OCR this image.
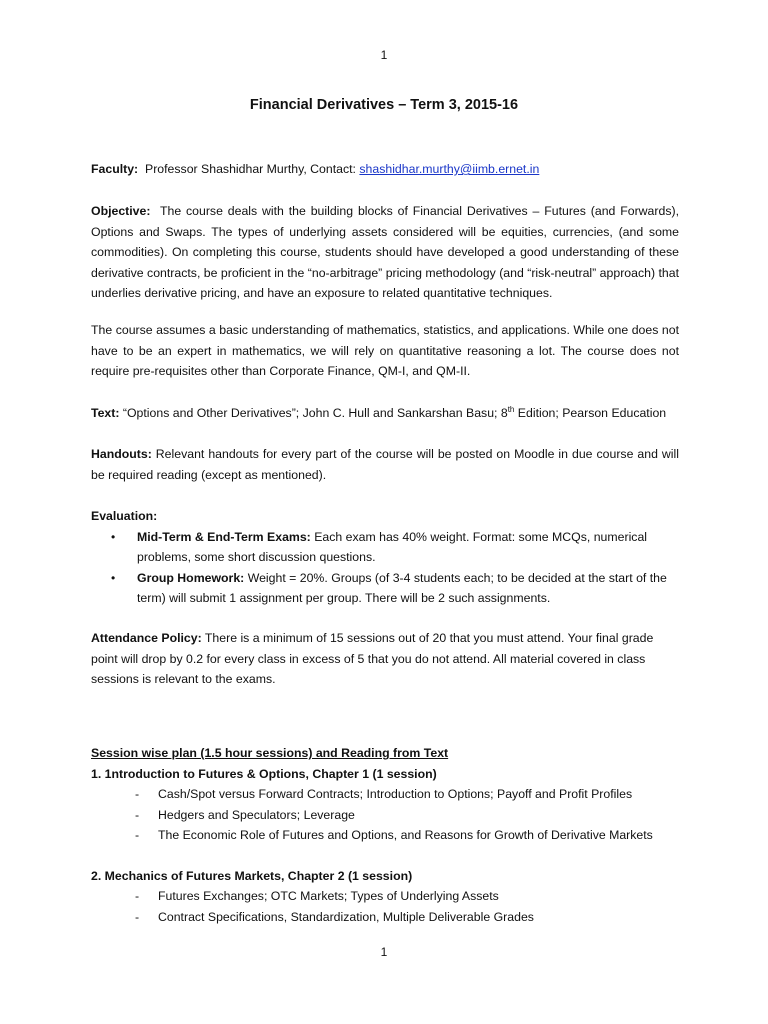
1
Financial Derivatives – Term 3, 2015-16

Faculty: Professor Shashidhar Murthy, Contact: shashidhar.murthy@iimb.ernet.in

Objective: The course deals with the building blocks of Financial Derivatives – Futures (and Forwards), Options and Swaps. The types of underlying assets considered will be equities, currencies, (and some commodities). On completing this course, students should have developed a good understanding of these derivative contracts, be proficient in the “no-arbitrage” pricing methodology (and “risk-neutral” approach) that underlies derivative pricing, and have an exposure to related quantitative techniques.

The course assumes a basic understanding of mathematics, statistics, and applications. While one does not have to be an expert in mathematics, we will rely on quantitative reasoning a lot. The course does not require pre-requisites other than Corporate Finance, QM-I, and QM-II.

Text: “Options and Other Derivatives”; John C. Hull and Sankarshan Basu; 8th Edition; Pearson Education

Handouts: Relevant handouts for every part of the course will be posted on Moodle in due course and will be required reading (except as mentioned).

Evaluation:
• Mid-Term & End-Term Exams: Each exam has 40% weight. Format: some MCQs, numerical problems, some short discussion questions.
• Group Homework: Weight = 20%. Groups (of 3-4 students each; to be decided at the start of the term) will submit 1 assignment per group. There will be 2 such assignments.

Attendance Policy: There is a minimum of 15 sessions out of 20 that you must attend. Your final grade point will drop by 0.2 for every class in excess of 5 that you do not attend. All material covered in class sessions is relevant to the exams.

Session wise plan (1.5 hour sessions) and Reading from Text
1. 1ntroduction to Futures & Options, Chapter 1 (1 session)
- Cash/Spot versus Forward Contracts; Introduction to Options; Payoff and Profit Profiles
- Hedgers and Speculators; Leverage
- The Economic Role of Futures and Options, and Reasons for Growth of Derivative Markets
2. Mechanics of Futures Markets, Chapter 2 (1 session)
- Futures Exchanges; OTC Markets; Types of Underlying Assets
- Contract Specifications, Standardization, Multiple Deliverable Grades
1
